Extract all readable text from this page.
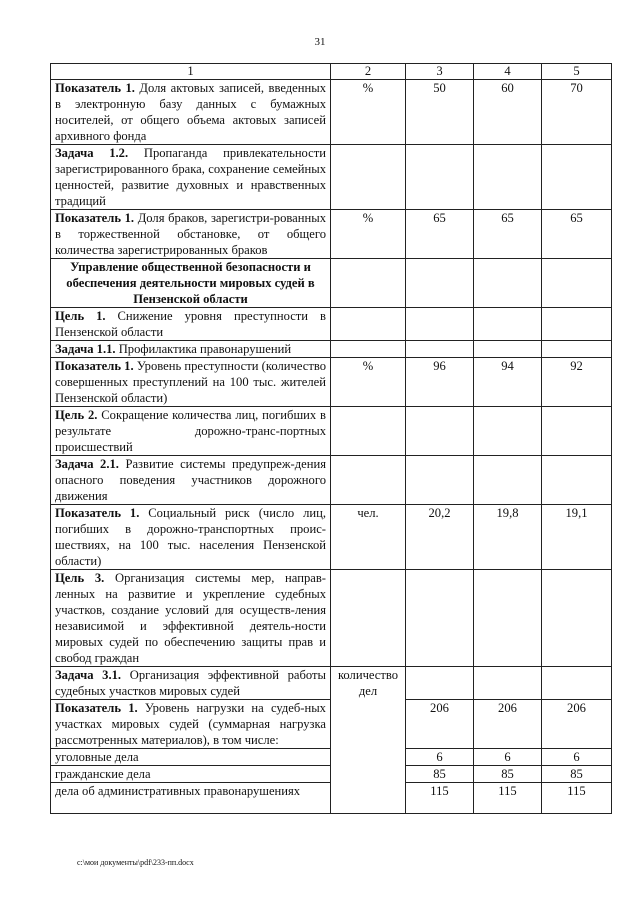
31
1	2	3	4	5
Показатель 1. Доля актовых записей, введенных в электронную базу данных с бумажных носителей, от общего объема актовых записей архивного фонда	%	50	60	70
Задача 1.2. Пропаганда привлекательности зарегистрированного брака, сохранение семейных ценностей, развитие духовных и нравственных традиций				
Показатель 1. Доля браков, зарегистри-рованных в торжественной обстановке, от общего количества зарегистрированных браков	%	65	65	65
Управление общественной безопасности и обеспечения деятельности мировых судей в Пензенской области				
Цель 1. Снижение уровня преступности в Пензенской области				
Задача 1.1. Профилактика правонарушений				
Показатель 1. Уровень преступности (количество совершенных преступлений на 100 тыс. жителей Пензенской области)	%	96	94	92
Цель 2. Сокращение количества лиц, погибших в результате дорожно-транс-портных происшествий				
Задача 2.1. Развитие системы предупреж-дения опасного поведения участников дорожного движения				
Показатель 1. Социальный риск (число лиц, погибших в дорожно-транспортных проис-шествиях, на 100 тыс. населения Пензенской области)	чел.	20,2	19,8	19,1
Цель 3. Организация системы мер, направ-ленных на развитие и укрепление судебных участков, создание условий для осуществ-ления независимой и эффективной деятель-ности мировых судей по обеспечению защиты прав и свобод граждан				
Задача 3.1. Организация эффективной работы судебных участков мировых судей	количество дел			
Показатель 1. Уровень нагрузки на судеб-ных участках мировых судей (суммарная нагрузка рассмотренных материалов), в том числе:		206	206	206
уголовные дела		6	6	6
гражданские дела		85	85	85
дела об административных правонарушениях		115	115	115
c:\мои документы\pdf\233-пп.docx
